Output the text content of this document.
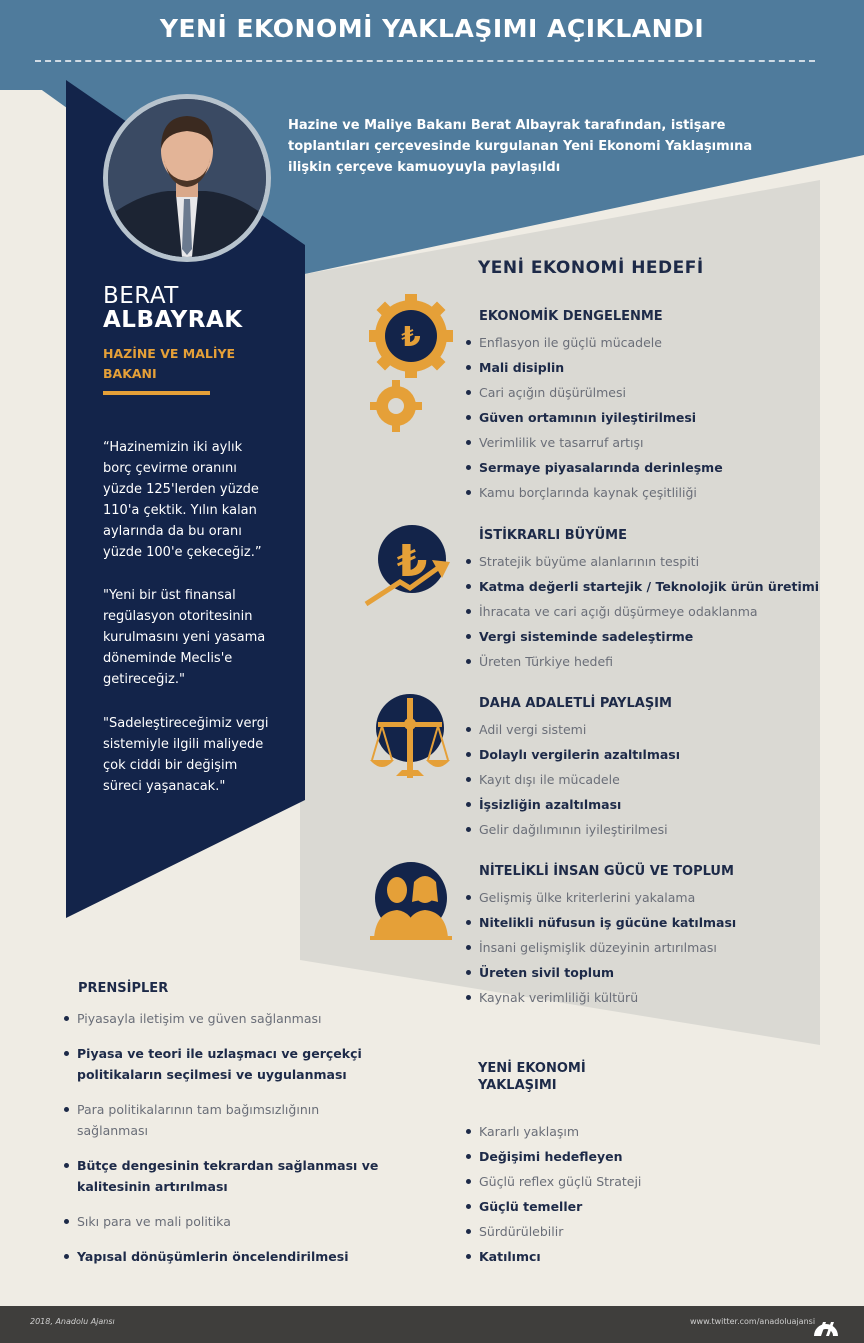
YENİ EKONOMİ YAKLAŞIMI AÇIKLANDI
Hazine ve Maliye Bakanı Berat Albayrak tarafından, istişare toplantıları çerçevesinde kurgulanan Yeni Ekonomi Yaklaşımına ilişkin çerçeve kamuoyuyla paylaşıldı
BERAT
ALBAYRAK
HAZİNE VE MALİYE BAKANI
“Hazinemizin iki aylık borç çevirme oranını yüzde 125'lerden yüzde 110'a çektik. Yılın kalan aylarında da bu oranı yüzde 100'e çekeceğiz.”
"Yeni bir üst finansal regülasyon otoritesinin kurulmasını yeni yasama döneminde Meclis'e getireceğiz."
"Sadeleştireceğimiz vergi sistemiyle ilgili maliyede çok ciddi bir değişim süreci yaşanacak."
YENİ EKONOMİ HEDEFİ
₺
₺
EKONOMİK DENGELENME
Enflasyon ile güçlü mücadele
Mali disiplin
Cari açığın düşürülmesi
Güven ortamının iyileştirilmesi
Verimlilik ve tasarruf artışı
Sermaye piyasalarında derinleşme
Kamu borçlarında kaynak çeşitliliği
İSTİKRARLI BÜYÜME
Stratejik büyüme alanlarının tespiti
Katma değerli startejik / Teknolojik ürün üretimi
İhracata ve cari açığı düşürmeye odaklanma
Vergi sisteminde sadeleştirme
Üreten Türkiye hedefi
DAHA ADALETLİ PAYLAŞIM
Adil vergi sistemi
Dolaylı vergilerin azaltılması
Kayıt dışı ile mücadele
İşsizliğin azaltılması
Gelir dağılımının iyileştirilmesi
NİTELİKLİ İNSAN GÜCÜ VE TOPLUM
Gelişmiş ülke kriterlerini yakalama
Nitelikli nüfusun iş gücüne katılması
İnsani gelişmişlik düzeyinin artırılması
Üreten sivil toplum
Kaynak verimliliği kültürü
PRENSİPLER
Piyasayla iletişim ve güven sağlanması
Piyasa ve teori ile uzlaşmacı ve gerçekçi politikaların seçilmesi ve uygulanması
Para politikalarının tam bağımsızlığının sağlanması
Bütçe dengesinin tekrardan sağlanması ve kalitesinin artırılması
Sıkı para ve mali politika
Yapısal dönüşümlerin öncelendirilmesi
YENİ EKONOMİ YAKLAŞIMI
Kararlı yaklaşım
Değişimi hedefleyen
Güçlü reflex güçlü Strateji
Güçlü temeller
Sürdürülebilir
Katılımcı
2018, Anadolu Ajansı	www.twitter.com/anadoluajansi
